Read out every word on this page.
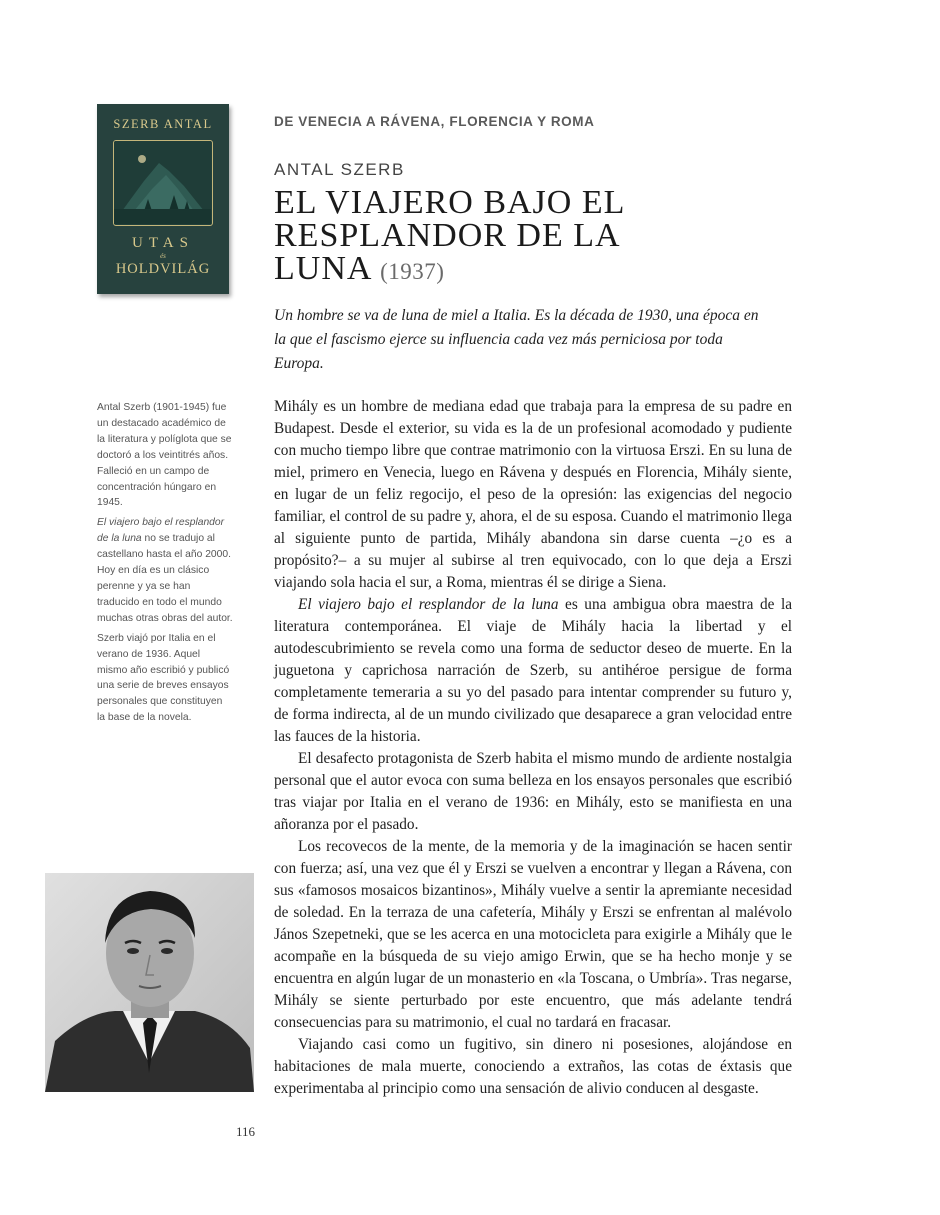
SZERB ANTAL
UTAS
és
HOLDVILÁG

DE VENECIA A RÁVENA, FLORENCIA Y ROMA

ANTAL SZERB

EL VIAJERO BAJO EL
RESPLANDOR DE LA
LUNA (1937)

Un hombre se va de luna de miel a Italia. Es la década de 1930, una época en la que el fascismo ejerce su influencia cada vez más perniciosa por toda Europa.

Antal Szerb (1901-1945) fue un destacado académico de la literatura y políglota que se doctoró a los veintitrés años. Falleció en un campo de concentración húngaro en 1945.

El viajero bajo el resplandor de la luna no se tradujo al castellano hasta el año 2000. Hoy en día es un clásico perenne y ya se han traducido en todo el mundo muchas otras obras del autor.

Szerb viajó por Italia en el verano de 1936. Aquel mismo año escribió y publicó una serie de breves ensayos personales que constituyen la base de la novela.

Mihály es un hombre de mediana edad que trabaja para la empresa de su padre en Budapest. Desde el exterior, su vida es la de un profesional acomodado y pudiente con mucho tiempo libre que contrae matrimonio con la virtuosa Erszi. En su luna de miel, primero en Venecia, luego en Rávena y después en Florencia, Mihály siente, en lugar de un feliz regocijo, el peso de la opresión: las exigencias del negocio familiar, el control de su padre y, ahora, el de su esposa. Cuando el matrimonio llega al siguiente punto de partida, Mihály abandona sin darse cuenta –¿o es a propósito?– a su mujer al subirse al tren equivocado, con lo que deja a Erszi viajando sola hacia el sur, a Roma, mientras él se dirige a Siena.

El viajero bajo el resplandor de la luna es una ambigua obra maestra de la literatura contemporánea. El viaje de Mihály hacia la libertad y el autodescubrimiento se revela como una forma de seductor deseo de muerte. En la juguetona y caprichosa narración de Szerb, su antihéroe persigue de forma completamente temeraria a su yo del pasado para intentar comprender su futuro y, de forma indirecta, al de un mundo civilizado que desaparece a gran velocidad entre las fauces de la historia.

El desafecto protagonista de Szerb habita el mismo mundo de ardiente nostalgia personal que el autor evoca con suma belleza en los ensayos personales que escribió tras viajar por Italia en el verano de 1936: en Mihály, esto se manifiesta en una añoranza por el pasado.

Los recovecos de la mente, de la memoria y de la imaginación se hacen sentir con fuerza; así, una vez que él y Erszi se vuelven a encontrar y llegan a Rávena, con sus «famosos mosaicos bizantinos», Mihály vuelve a sentir la apremiante necesidad de soledad. En la terraza de una cafetería, Mihály y Erszi se enfrentan al malévolo János Szepetneki, que se les acerca en una motocicleta para exigirle a Mihály que le acompañe en la búsqueda de su viejo amigo Erwin, que se ha hecho monje y se encuentra en algún lugar de un monasterio en «la Toscana, o Umbría». Tras negarse, Mihály se siente perturbado por este encuentro, que más adelante tendrá consecuencias para su matrimonio, el cual no tardará en fracasar.

Viajando casi como un fugitivo, sin dinero ni posesiones, alojándose en habitaciones de mala muerte, conociendo a extraños, las cotas de éxtasis que experimentaba al principio como una sensación de alivio conducen al desgaste.

116
